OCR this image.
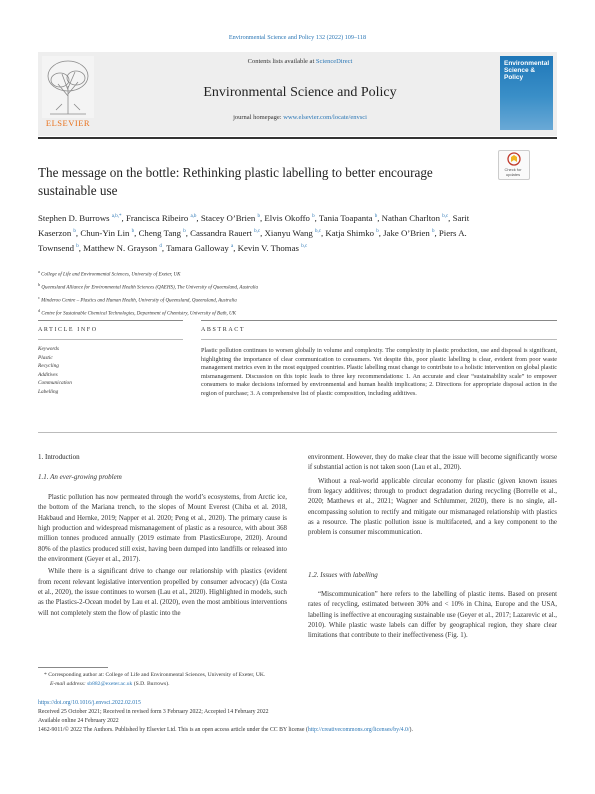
Environmental Science and Policy 132 (2022) 109–118
ELSEVIER
Contents lists available at ScienceDirect
Environmental Science and Policy
journal homepage: www.elsevier.com/locate/envsci
Environmental Science & Policy
Check for updates
The message on the bottle: Rethinking plastic labelling to better encourage sustainable use
Stephen D. Burrows $^{a,b,*}$, Francisca Ribeiro $^{a,b}$, Stacey O’Brien $^b$, Elvis Okoffo $^b$, Tania Toapanta $^b$, Nathan Charlton $^{b,c}$, Sarit Kaserzon $^b$, Chun-Yin Lin $^b$, Cheng Tang $^b$, Cassandra Rauert $^{b,c}$, Xianyu Wang $^{b,c}$, Katja Shimko $^b$, Jake O’Brien $^b$, Piers A. Townsend $^b$, Matthew N. Grayson $^d$, Tamara Galloway $^a$, Kevin V. Thomas $^{b,c}$
$^a$ College of Life and Environmental Sciences, University of Exeter, UK
$^b$ Queensland Alliance for Environmental Health Sciences (QAEHS), The University of Queensland, Australia
$^c$ Minderoo Centre – Plastics and Human Health, University of Queensland, Queensland, Australia
$^d$ Centre for Sustainable Chemical Technologies, Department of Chemistry, University of Bath, UK
ARTICLE INFO	ABSTRACT
Keywords
Plastic
Recycling
Additives
Communication
Labelling
Plastic pollution continues to worsen globally in volume and complexity. The complexity in plastic production, use and disposal is significant, highlighting the importance of clear communication to consumers. Yet despite this, poor plastic labelling is clear, evident from poor waste management metrics even in the most equipped countries. Plastic labelling must change to contribute to a holistic intervention on global plastic mismanagement. Discussion on this topic leads to three key recommendations: 1. An accurate and clear “sustainability scale” to empower consumers to make decisions informed by environmental and human health implications; 2. Directions for appropriate disposal action in the region of purchase; 3. A comprehensive list of plastic composition, including additives.
1. Introduction
1.1. An ever-growing problem

Plastic pollution has now permeated through the world’s ecosystems, from Arctic ice, the bottom of the Mariana trench, to the slopes of Mount Everest (Chiba et al. 2018, Hakbaud and Hernke, 2019; Napper et al. 2020; Peng et al., 2020). The primary cause is high production and widespread mismanagement of plastic as a resource, with about 368 million tonnes produced annually (2019 estimate from PlasticsEurope, 2020). Around 80% of the plastics produced still exist, having been dumped into landfills or released into the environment (Geyer et al., 2017).

While there is a significant drive to change our relationship with plastics (evident from recent relevant legislative intervention propelled by consumer advocacy) (da Costa et al., 2020), the issue continues to worsen (Lau et al., 2020). Highlighted in models, such as the Plastics-2-Ocean model by Lau et al. (2020), even the most ambitious interventions will not completely stem the flow of plastic into the

environment. However, they do make clear that the issue will become significantly worse if substantial action is not taken soon (Lau et al., 2020).

Without a real-world applicable circular economy for plastic (given known issues from legacy additives; through to product degradation during recycling (Borrelle et al., 2020; Matthews et al., 2021; Wagner and Schlummer, 2020), there is no single, all-encompassing solution to rectify and mitigate our mismanaged relationship with plastics as a resource. The plastic pollution issue is multifaceted, and a key component to the problem is consumer miscommunication.

1.2. Issues with labelling

“Miscommunication” here refers to the labelling of plastic items. Based on present rates of recycling, estimated between 30% and < 10% in China, Europe and the USA, labelling is ineffective at encouraging sustainable use (Geyer et al., 2017; Lazarevic et al., 2010). While plastic waste labels can differ by geographical region, they share clear limitations that contribute to their ineffectiveness (Fig. 1).

* Corresponding author at: College of Life and Environmental Sciences, University of Exeter, UK.
E-mail address: sb882@exeter.ac.uk (S.D. Burrows).
https://doi.org/10.1016/j.envsci.2022.02.015
Received 25 October 2021; Received in revised form 3 February 2022; Accepted 14 February 2022
Available online 24 February 2022
1462-9011/© 2022 The Authors. Published by Elsevier Ltd. This is an open access article under the CC BY license (http://creativecommons.org/licenses/by/4.0/).
